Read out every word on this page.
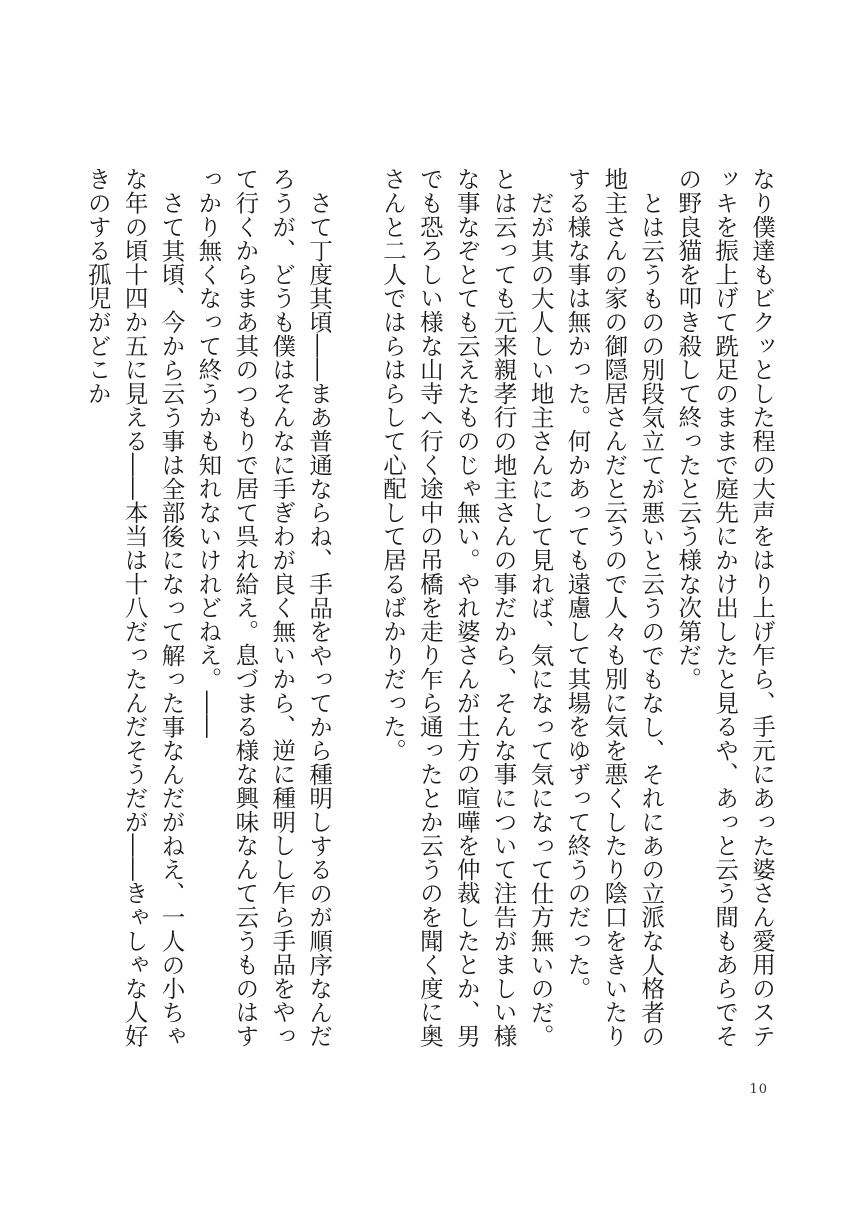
なり僕達もビクッとした程の大声をはり上げ乍ら、手元にあった婆さん愛用のステッキを振上げて跣足のままで庭先にかけ出したと見るや、あっと云う間もあらでその野良猫を叩き殺して終ったと云う様な次第だ。

とは云うものの別段気立てが悪いと云うのでもなし、それにあの立派な人格者の地主さんの家の御隠居さんだと云うので人々も別に気を悪くしたり陰口をきいたりする様な事は無かった。何かあっても遠慮して其場をゆずって終うのだった。

だが其の大人しい地主さんにして見れば、気になって気になって仕方無いのだ。とは云っても元来親孝行の地主さんの事だから、そんな事について注告がましい様な事なぞとても云えたものじゃ無い。やれ婆さんが土方の喧嘩を仲裁したとか、男でも恐ろしい様な山寺へ行く途中の吊橋を走り乍ら通ったとか云うのを聞く度に奥さんと二人ではらはらして心配して居るばかりだった。

さて丁度其頃――まあ普通ならね、手品をやってから種明しするのが順序なんだろうが、どうも僕はそんなに手ぎわが良く無いから、逆に種明しし乍ら手品をやって行くからまあ其のつもりで居て呉れ給え。息づまる様な興味なんて云うものはすっかり無くなって終うかも知れないけれどねえ。――

さて其頃、今から云う事は全部後になって解った事なんだがねえ、一人の小ちゃな年の頃十四か五に見える――本当は十八だったんだそうだが――きゃしゃな人好きのする孤児がどこか

10
